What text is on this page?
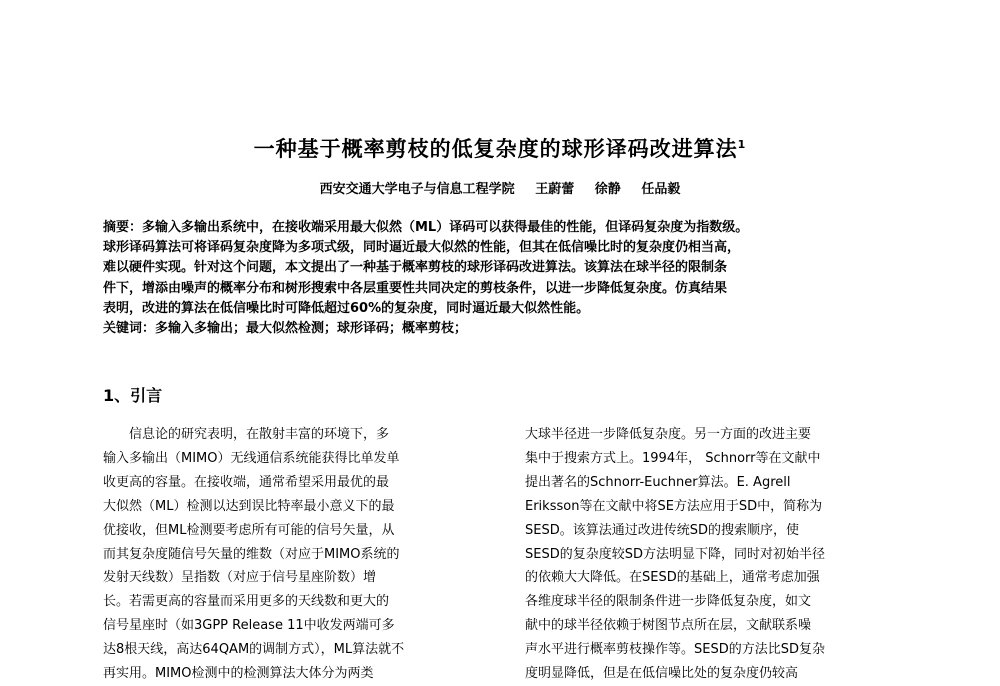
一种基于概率剪枝的低复杂度的球形译码改进算法$^1$
西安交通大学电子与信息工程学院 王蔚蕾 徐静 任品毅
摘要：多输入多输出系统中，在接收端采用最大似然（ML）译码可以获得最佳的性能，但译码复杂度为指数级。
球形译码算法可将译码复杂度降为多项式级，同时逼近最大似然的性能，但其在低信噪比时的复杂度仍相当高，
难以硬件实现。针对这个问题，本文提出了一种基于概率剪枝的球形译码改进算法。该算法在球半径的限制条
件下，增添由噪声的概率分布和树形搜索中各层重要性共同决定的剪枝条件，以进一步降低复杂度。仿真结果
表明，改进的算法在低信噪比时可降低超过60%的复杂度，同时逼近最大似然性能。
关键词：多输入多输出；最大似然检测；球形译码；概率剪枝；
1、引言
　　信息论的研究表明，在散射丰富的环境下，多
输入多输出（MIMO）无线通信系统能获得比单发单
收更高的容量。在接收端，通常希望采用最优的最
大似然（ML）检测以达到误比特率最小意义下的最
优接收，但ML检测要考虑所有可能的信号矢量，从
而其复杂度随信号矢量的维数（对应于MIMO系统的
发射天线数）呈指数（对应于信号星座阶数）增
长。若需更高的容量而采用更多的天线数和更大的
信号星座时（如3GPP Release 11中收发两端可多
达8根天线，高达64QAM的调制方式），ML算法就不
再实用。MIMO检测中的检测算法大体分为两类
大球半径进一步降低复杂度。另一方面的改进主要
集中于搜索方式上。1994年， Schnorr等在文献中
提出著名的Schnorr-Euchner算法。E. Agrell
Eriksson等在文献中将SE方法应用于SD中，简称为
SESD。该算法通过改进传统SD的搜索顺序，使
SESD的复杂度较SD方法明显下降，同时对初始半径
的依赖大大降低。在SESD的基础上，通常考虑加强
各维度球半径的限制条件进一步降低复杂度，如文
献中的球半径依赖于树图节点所在层，文献联系噪
声水平进行概率剪枝操作等。SESD的方法比SD复杂
度明显降低，但是在低信噪比处的复杂度仍较高
